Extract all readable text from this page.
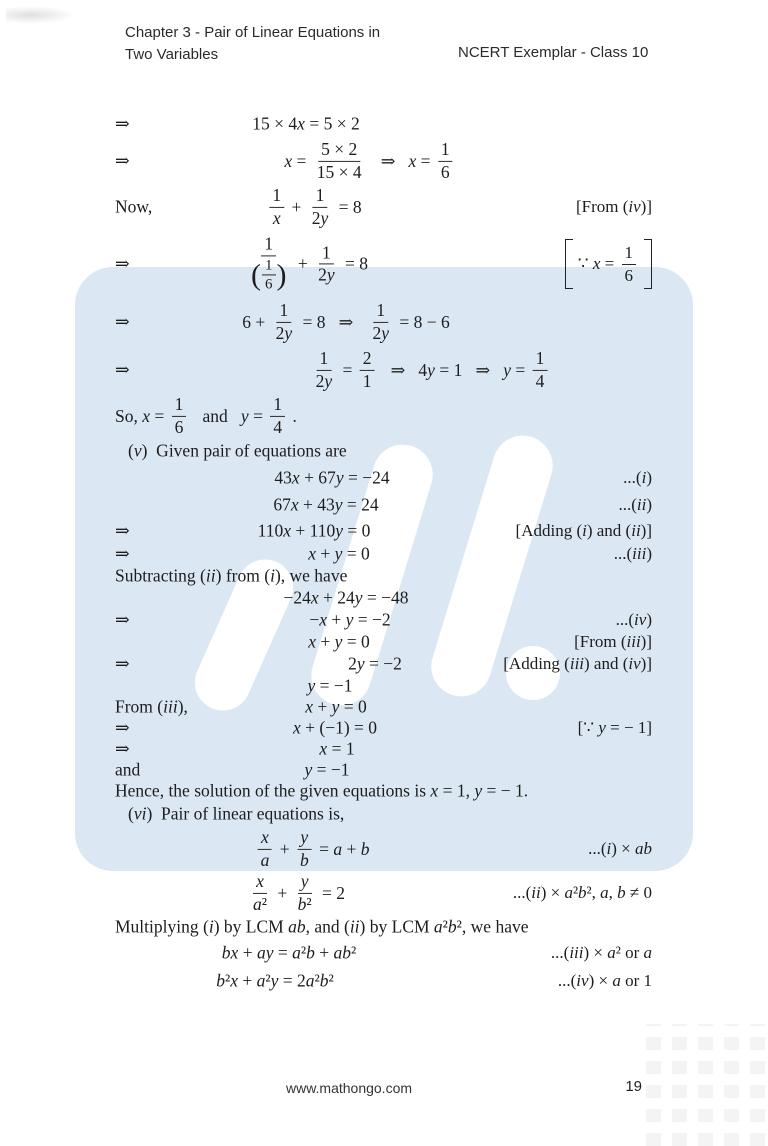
Chapter 3 - Pair of Linear Equations in
Two Variables	NCERT Exemplar - Class 10
⇒	15 × 4 x = 5 × 2
⇒	$x = \frac{5 \times 2}{15 \times 4}$ ⇒ $x = \frac{1}{6}$
Now,	$\frac{1}{x} + \frac{1}{2y} = 8$	[From ( iv )]
⇒	$\frac{1}{( \frac{1}{6} )} + \frac{1}{2y} = 8$	∵ $x = \frac{1}{6}$
⇒	$6 + \frac{1}{2y} = 8$   ⇒ $\frac{1}{2y} = 8 - 6$
⇒	$\frac{1}{2y} = \frac{2}{1}$ ⇒   4 y = 1   ⇒ $y = \frac{1}{4}$
So, $x = \frac{1}{6}$ and $y = \frac{1}{4}$ .
( v )  Given pair of equations are
43 x + 67 y = −24	...( i )
67 x + 43 y = 24	...( ii )
⇒	110 x + 110 y = 0	[Adding ( i ) and ( ii )]
⇒	x + y = 0	...( iii )
Subtracting ( ii ) from ( i ), we have
−24 x + 24 y = −48
⇒	− x + y = −2	...( iv )
x + y = 0	[From ( iii )]
⇒	2 y = −2	[Adding ( iii ) and ( iv )]
y = −1
From (iii),	x + y = 0
⇒	x + (−1) = 0	[∵ y = − 1]
⇒	x = 1
and	y = −1
Hence, the solution of the given equations is x = 1, y = − 1.
( vi )  Pair of linear equations is,
$\frac{x}{a} + \frac{y}{b} = a + b$	...( i ) × ab
$\frac{x}{\text{a²}} + \frac{y}{\text{b²}} = 2$	...( ii ) × a ² b ², a , b ≠ 0
Multiplying ( i ) by LCM ab , and ( ii ) by LCM a ² b ², we have
bx + ay = a ² b + ab ²	...( iii ) × a ² or a
b ² x + a ² y = 2 a ² b ²	...( iv ) × a or 1
www.mathongo.com	19
